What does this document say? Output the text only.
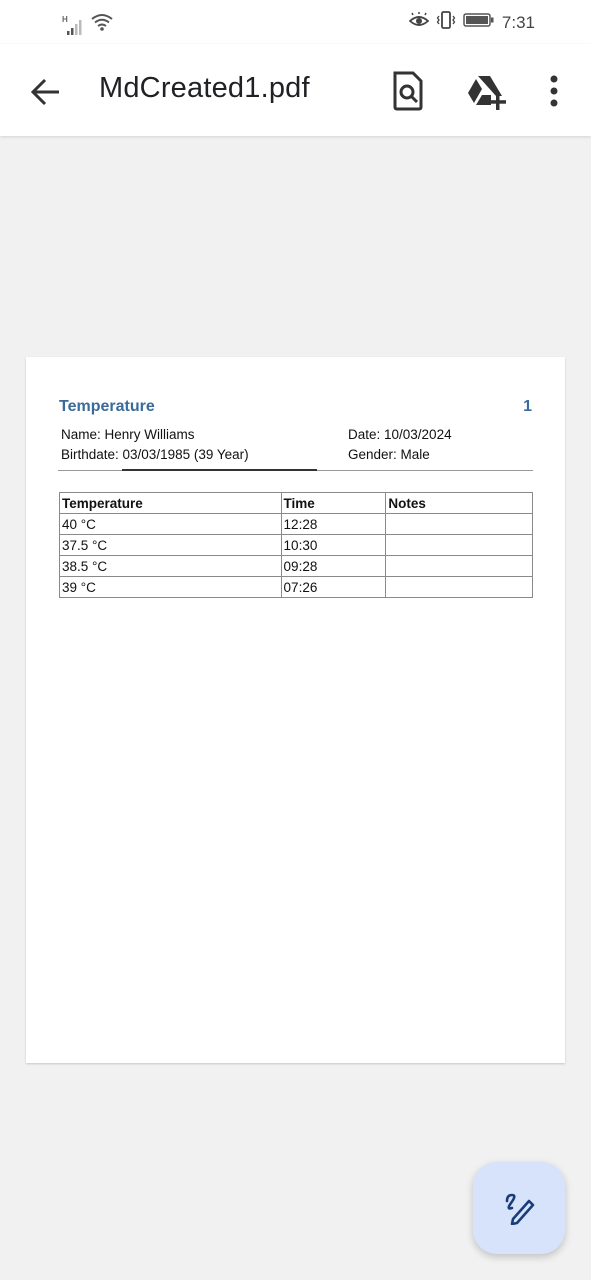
H	7:31
MdCreated1.pdf
Temperature	1
Name: Henry Williams
Birthdate: 03/03/1985 (39 Year)
Date: 10/03/2024
Gender: Male
Temperature	Time	Notes
40 °C	12:28	
37.5 °C	10:30	
38.5 °C	09:28	
39 °C	07:26	
